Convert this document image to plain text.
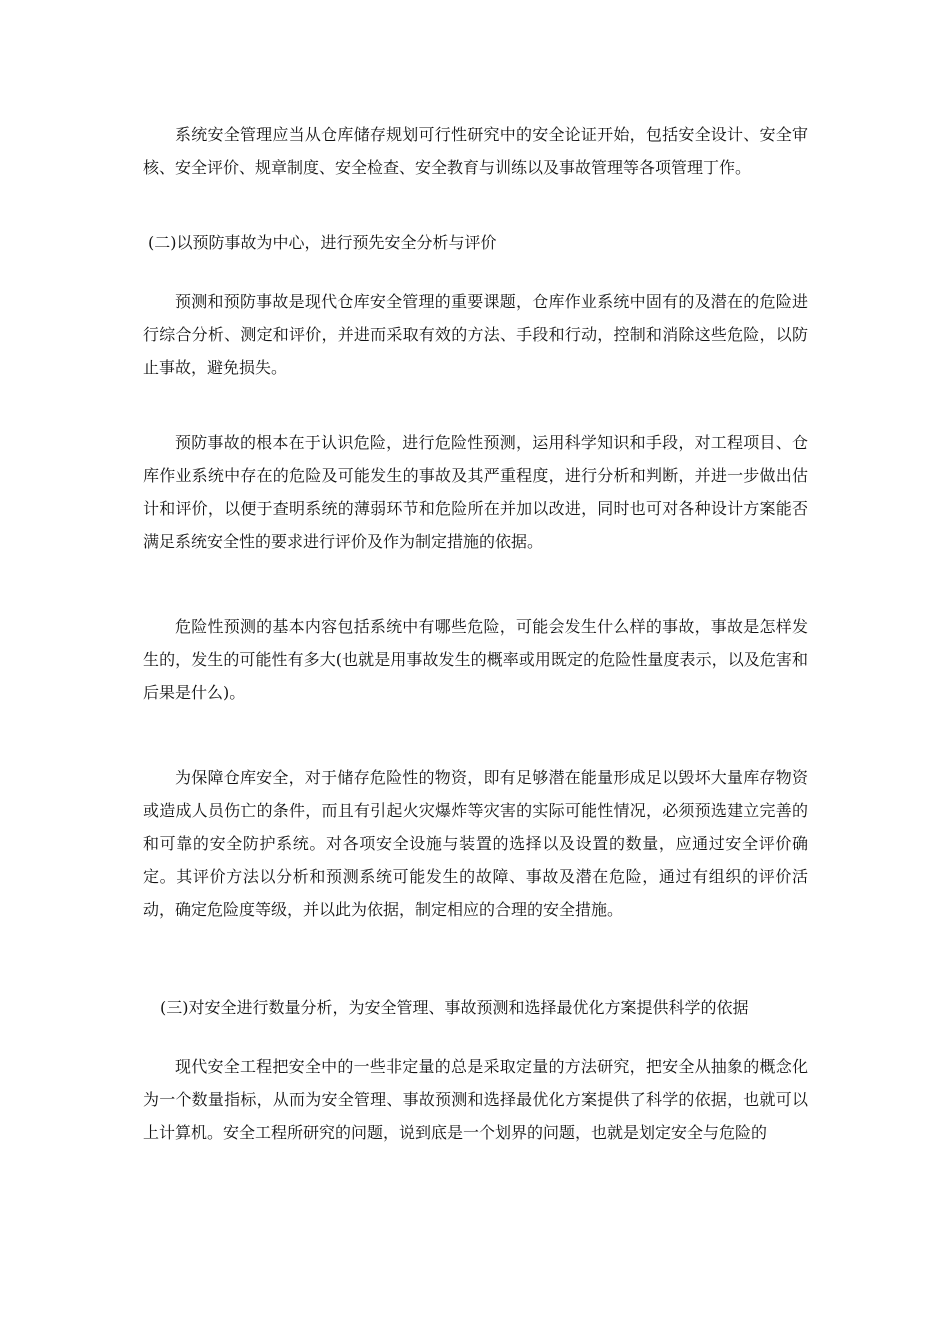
系统安全管理应当从仓库储存规划可行性研究中的安全论证开始，包括安全设计、安全审核、安全评价、规章制度、安全检查、安全教育与训练以及事故管理等各项管理丁作。

(二)以预防事故为中心，进行预先安全分析与评价

预测和预防事故是现代仓库安全管理的重要课题，仓库作业系统中固有的及潜在的危险进行综合分析、测定和评价，并进而采取有效的方法、手段和行动，控制和消除这些危险，以防止事故，避免损失。

预防事故的根本在于认识危险，进行危险性预测，运用科学知识和手段，对工程项目、仓库作业系统中存在的危险及可能发生的事故及其严重程度，进行分析和判断，并进一步做出估计和评价，以便于查明系统的薄弱环节和危险所在并加以改进，同时也可对各种设计方案能否满足系统安全性的要求进行评价及作为制定措施的依据。

危险性预测的基本内容包括系统中有哪些危险，可能会发生什么样的事故，事故是怎样发生的，发生的可能性有多大(也就是用事故发生的概率或用既定的危险性量度表示，以及危害和后果是什么)。

为保障仓库安全，对于储存危险性的物资，即有足够潜在能量形成足以毁坏大量库存物资或造成人员伤亡的条件，而且有引起火灾爆炸等灾害的实际可能性情况，必须预选建立完善的和可靠的安全防护系统。对各项安全设施与装置的选择以及设置的数量，应通过安全评价确定。其评价方法以分析和预测系统可能发生的故障、事故及潜在危险，通过有组织的评价活动，确定危险度等级，并以此为依据，制定相应的合理的安全措施。

(三)对安全进行数量分析，为安全管理、事故预测和选择最优化方案提供科学的依据

现代安全工程把安全中的一些非定量的总是采取定量的方法研究，把安全从抽象的概念化为一个数量指标，从而为安全管理、事故预测和选择最优化方案提供了科学的依据，也就可以上计算机。安全工程所研究的问题，说到底是一个划界的问题，也就是划定安全与危险的
